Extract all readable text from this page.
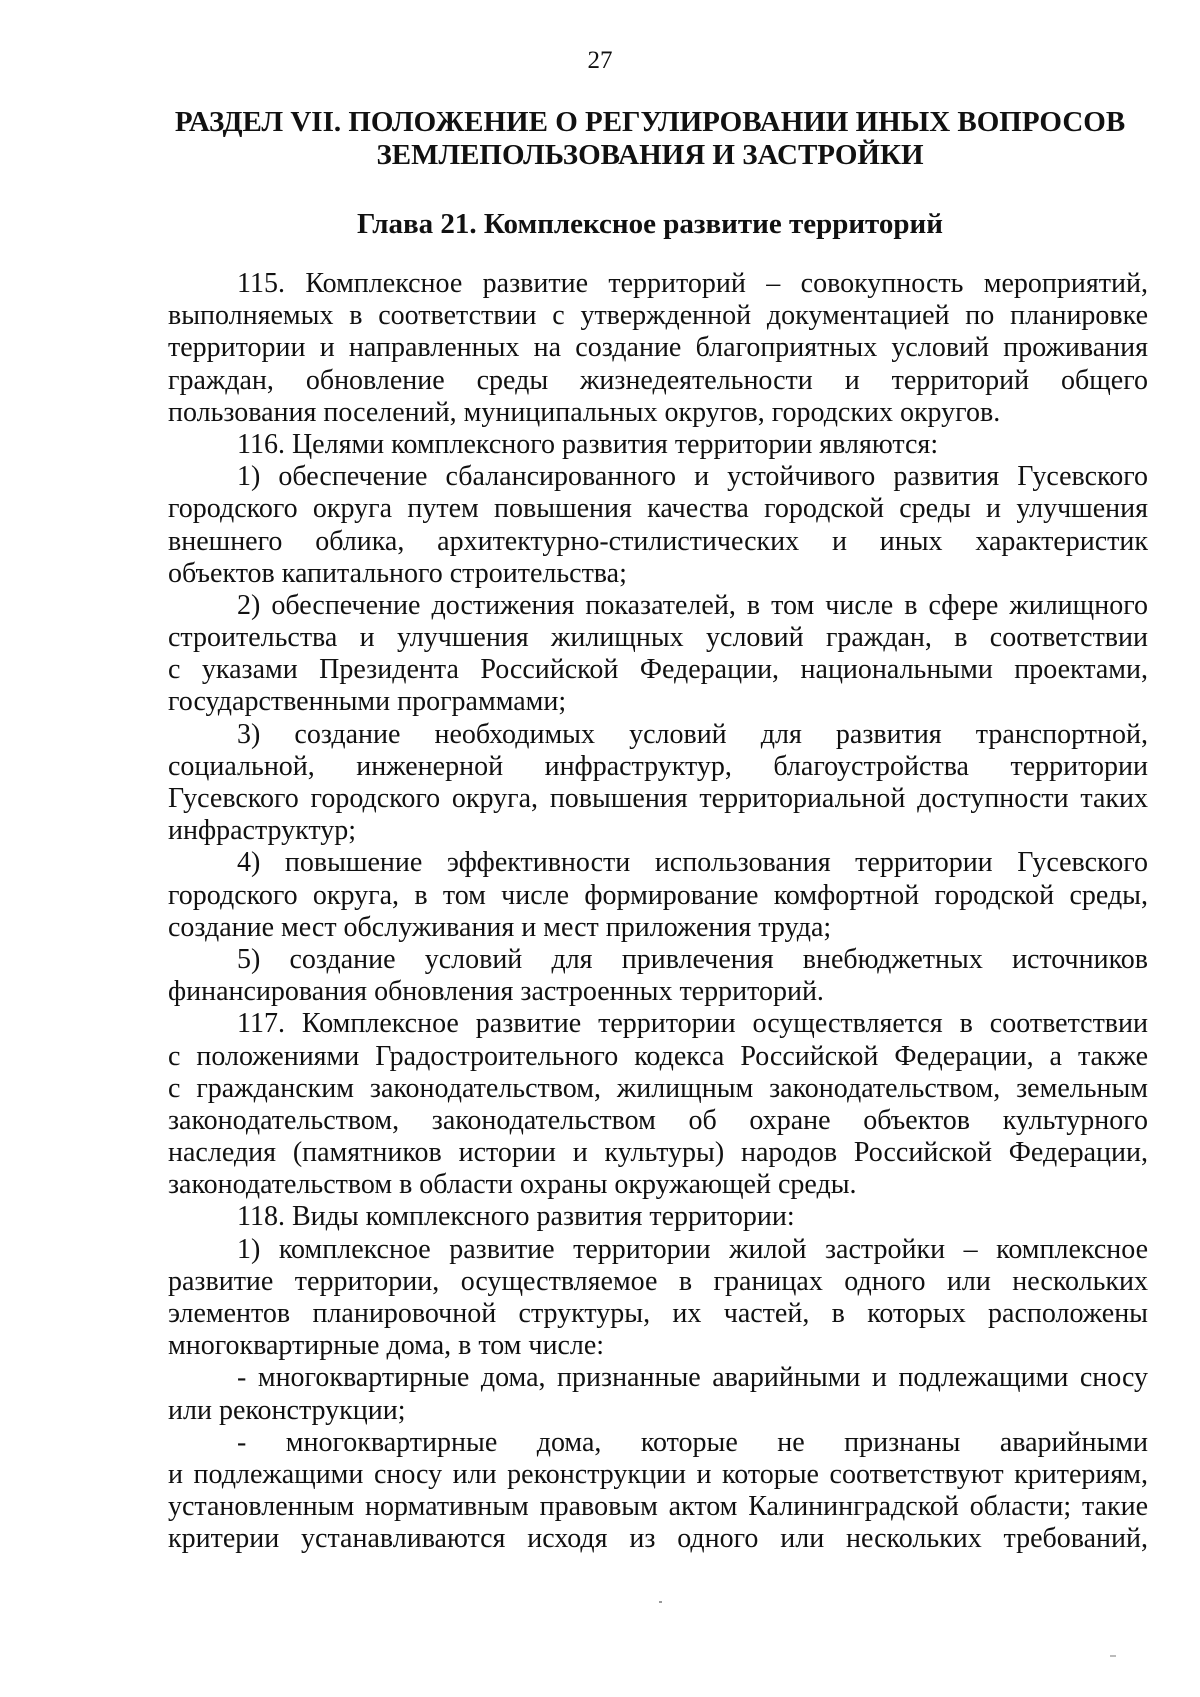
27
РАЗДЕЛ VII. ПОЛОЖЕНИЕ О РЕГУЛИРОВАНИИ ИНЫХ ВОПРОСОВ
ЗЕМЛЕПОЛЬЗОВАНИЯ И ЗАСТРОЙКИ
Глава 21. Комплексное развитие территорий
115. Комплексное развитие территорий – совокупность мероприятий,
выполняемых в соответствии с утвержденной документацией по планировке
территории и направленных на создание благоприятных условий проживания
граждан, обновление среды жизнедеятельности и территорий общего
пользования поселений, муниципальных округов, городских округов.
116. Целями комплексного развития территории являются:
1) обеспечение сбалансированного и устойчивого развития Гусевского
городского округа путем повышения качества городской среды и улучшения
внешнего облика, архитектурно-стилистических и иных характеристик
объектов капитального строительства;
2) обеспечение достижения показателей, в том числе в сфере жилищного
строительства и улучшения жилищных условий граждан, в соответствии
с указами Президента Российской Федерации, национальными проектами,
государственными программами;
3) создание необходимых условий для развития транспортной,
социальной, инженерной инфраструктур, благоустройства территории
Гусевского городского округа, повышения территориальной доступности таких
инфраструктур;
4) повышение эффективности использования территории Гусевского
городского округа, в том числе формирование комфортной городской среды,
создание мест обслуживания и мест приложения труда;
5) создание условий для привлечения внебюджетных источников
финансирования обновления застроенных территорий.
117. Комплексное развитие территории осуществляется в соответствии
с положениями Градостроительного кодекса Российской Федерации, а также
с гражданским законодательством, жилищным законодательством, земельным
законодательством, законодательством об охране объектов культурного
наследия (памятников истории и культуры) народов Российской Федерации,
законодательством в области охраны окружающей среды.
118. Виды комплексного развития территории:
1) комплексное развитие территории жилой застройки – комплексное
развитие территории, осуществляемое в границах одного или нескольких
элементов планировочной структуры, их частей, в которых расположены
многоквартирные дома, в том числе:
- многоквартирные дома, признанные аварийными и подлежащими сносу
или реконструкции;
- многоквартирные дома, которые не признаны аварийными
и подлежащими сносу или реконструкции и которые соответствуют критериям,
установленным нормативным правовым актом Калининградской области; такие
критерии устанавливаются исходя из одного или нескольких требований,
